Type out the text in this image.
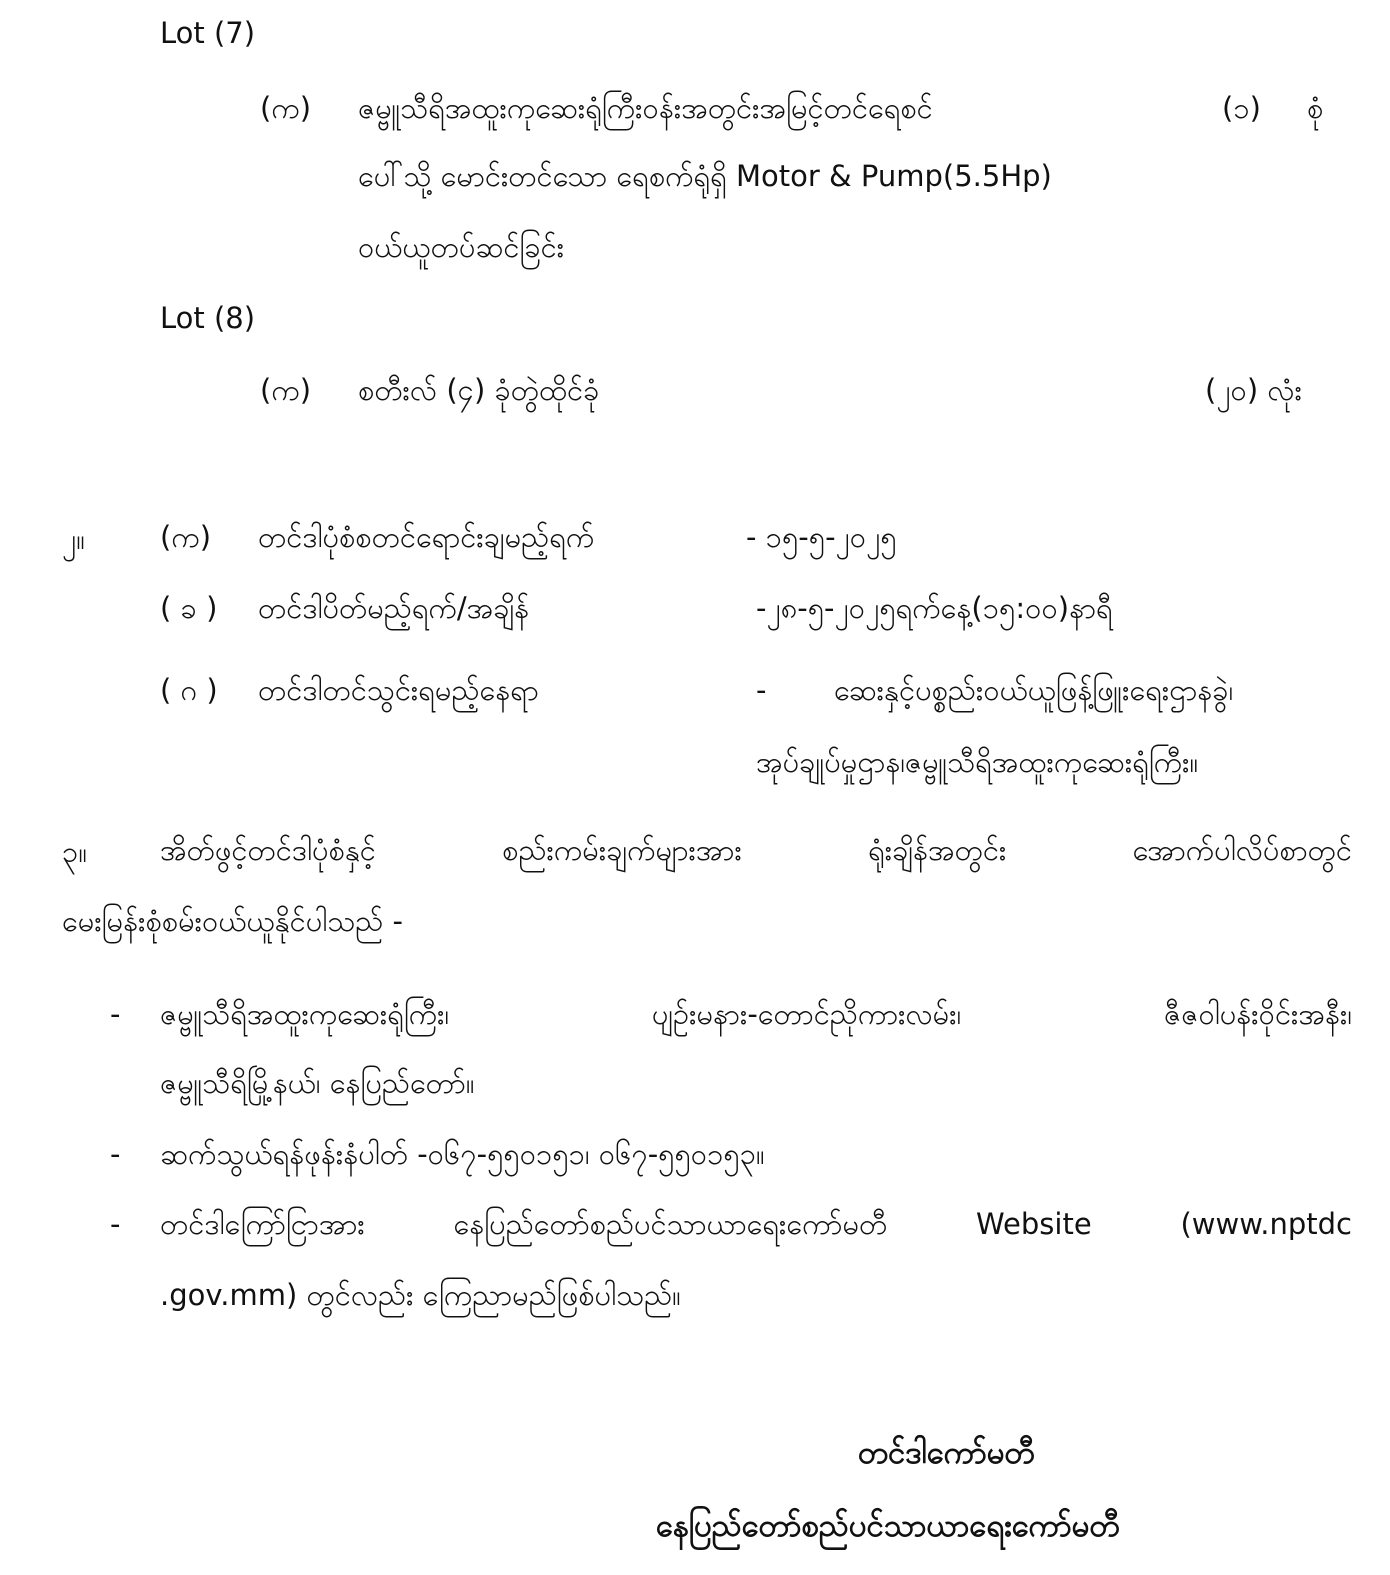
Lot (7)
(က) ဇမ္ဗူသီရိအထူးကုဆေးရုံကြီးဝန်းအတွင်းအမြင့်တင်ရေစင်	(၁) စုံ
ပေါ်သို့ မောင်းတင်သော ရေစက်ရုံရှိ Motor & Pump(5.5Hp)
ဝယ်ယူတပ်ဆင်ခြင်း
Lot (8)
(က) စတီးလ် (၄) ခုံတွဲထိုင်ခုံ	(၂၀) လုံး
၂။	(က) တင်ဒါပုံစံစတင်ရောင်းချမည့်ရက်	- ၁၅-၅-၂၀၂၅
( ခ ) တင်ဒါပိတ်မည့်ရက်/အချိန်	-၂၈-၅-၂၀၂၅ရက်နေ့(၁၅:၀၀)နာရီ
( ဂ ) တင်ဒါတင်သွင်းရမည့်နေရာ	- ဆေးနှင့်ပစ္စည်းဝယ်ယူဖြန့်ဖြူးရေးဌာနခွဲ၊
အုပ်ချုပ်မှုဌာန၊ဇမ္ဗူသီရိအထူးကုဆေးရုံကြီး။
၃။	အိတ်ဖွင့်တင်ဒါပုံစံနှင့် စည်းကမ်းချက်များအား ရုံးချိန်အတွင်း အောက်ပါလိပ်စာတွင်
မေးမြန်းစုံစမ်းဝယ်ယူနိုင်ပါသည် -
- ဇမ္ဗူသီရိအထူးကုဆေးရုံကြီး၊ ပျဉ်းမနား-တောင်ညိုကားလမ်း၊ ဇီဇဝါပန်းဝိုင်းအနီး၊
ဇမ္ဗူသီရိမြို့နယ်၊ နေပြည်တော်။
- ဆက်သွယ်ရန်ဖုန်းနံပါတ် -၀၆၇-၅၅၀၁၅၁၊ ၀၆၇-၅၅၀၁၅၃။
- တင်ဒါကြော်ငြာအား နေပြည်တော်စည်ပင်သာယာရေးကော်မတီ Website (www.nptdc
.gov.mm) တွင်လည်း ကြေညာမည်ဖြစ်ပါသည်။
တင်ဒါကော်မတီ
နေပြည်တော်စည်ပင်သာယာရေးကော်မတီ
